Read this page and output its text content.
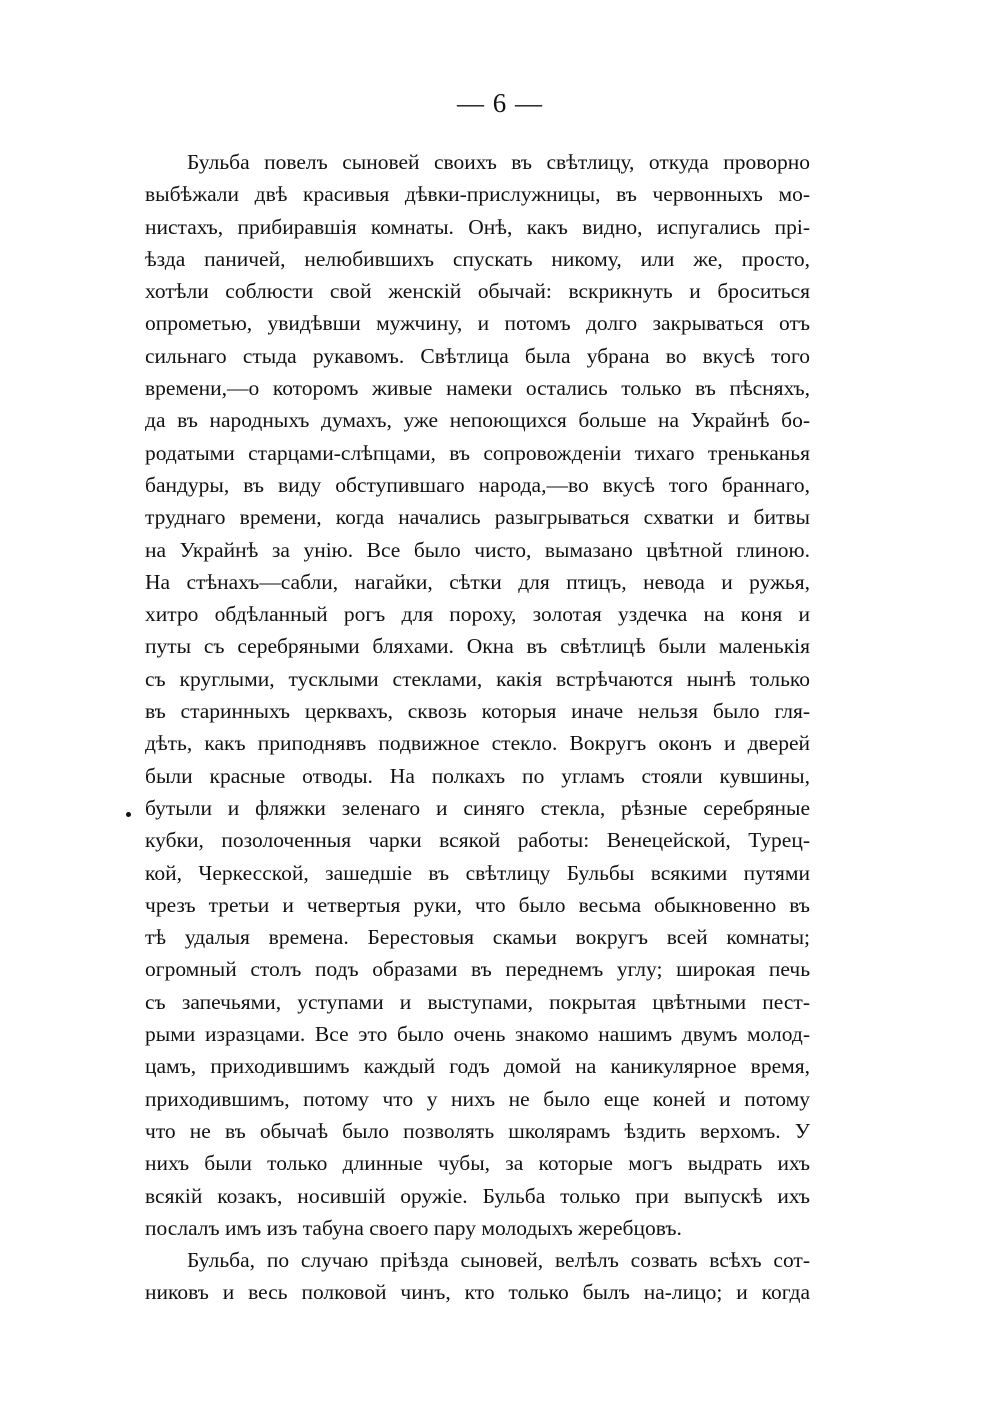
— 6 —
Бульба повелъ сыновей своихъ въ свѣтлицу, откуда проворно
выбѣжали двѣ красивыя дѣвки-прислужницы, въ червонныхъ мо-
нистахъ, прибиравшія комнаты. Онѣ, какъ видно, испугались прі-
ѣзда паничей, нелюбившихъ спускать никому, или же, просто,
хотѣли соблюсти свой женскій обычай: вскрикнуть и броситься
опрометью, увидѣвши мужчину, и потомъ долго закрываться отъ
сильнаго стыда рукавомъ. Свѣтлица была убрана во вкусѣ того
времени,—о которомъ живые намеки остались только въ пѣсняхъ,
да въ народныхъ думахъ, уже непоющихся больше на Украйнѣ бо-
родатыми старцами-слѣпцами, въ сопровожденіи тихаго треньканья
бандуры, въ виду обступившаго народа,—во вкусѣ того браннаго,
труднаго времени, когда начались разыгрываться схватки и битвы
на Украйнѣ за унію. Все было чисто, вымазано цвѣтной глиною.
На стѣнахъ—сабли, нагайки, сѣтки для птицъ, невода и ружья,
хитро обдѣланный рогъ для пороху, золотая уздечка на коня и
путы съ серебряными бляхами. Окна въ свѣтлицѣ были маленькія
съ круглыми, тусклыми стеклами, какія встрѣчаются нынѣ только
въ старинныхъ церквахъ, сквозь которыя иначе нельзя было гля-
дѣть, какъ приподнявъ подвижное стекло. Вокругъ оконъ и дверей
были красные отводы. На полкахъ по угламъ стояли кувшины,
бутыли и фляжки зеленаго и синяго стекла, рѣзные серебряные
кубки, позолоченныя чарки всякой работы: Венецейской, Турец-
кой, Черкесской, зашедшіе въ свѣтлицу Бульбы всякими путями
чрезъ третьи и четвертыя руки, что было весьма обыкновенно въ
тѣ удалыя времена. Берестовыя скамьи вокругъ всей комнаты;
огромный столъ подъ образами въ переднемъ углу; широкая печь
съ запечьями, уступами и выступами, покрытая цвѣтными пест-
рыми изразцами. Все это было очень знакомо нашимъ двумъ молод-
цамъ, приходившимъ каждый годъ домой на каникулярное время,
приходившимъ, потому что у нихъ не было еще коней и потому
что не въ обычаѣ было позволять школярамъ ѣздить верхомъ. У
нихъ были только длинные чубы, за которые могъ выдрать ихъ
всякій козакъ, носившій оружіе. Бульба только при выпускѣ ихъ
послалъ имъ изъ табуна своего пару молодыхъ жеребцовъ.
Бульба, по случаю пріѣзда сыновей, велѣлъ созвать всѣхъ сот-
никовъ и весь полковой чинъ, кто только былъ на-лицо; и когда
